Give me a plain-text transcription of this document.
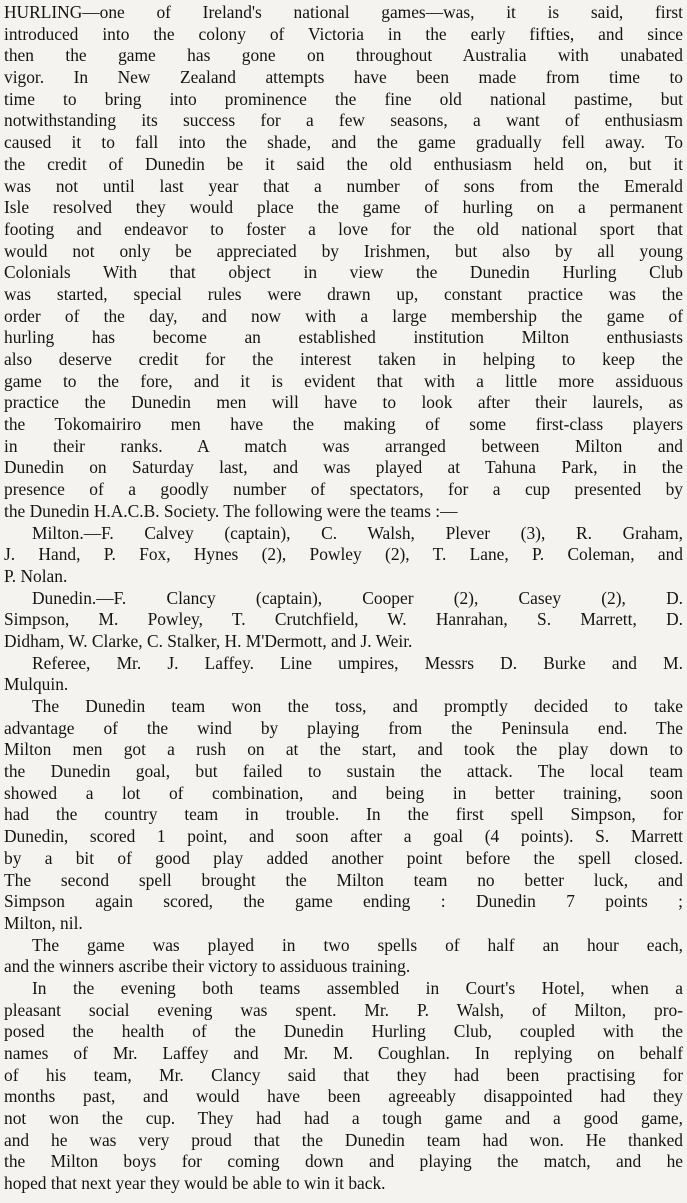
HURLING—one of Ireland's national games—was, it is said, first
introduced into the colony of Victoria in the early fifties, and since
then the game has gone on throughout Australia with unabated
vigor. In New Zealand attempts have been made from time to
time to bring into prominence the fine old national pastime, but
notwithstanding its success for a few seasons, a want of enthusiasm
caused it to fall into the shade, and the game gradually fell away. To
the credit of Dunedin be it said the old enthusiasm held on, but it
was not until last year that a number of sons from the Emerald
Isle resolved they would place the game of hurling on a permanent
footing and endeavor to foster a love for the old national sport that
would not only be appreciated by Irishmen, but also by all young
Colonials With that object in view the Dunedin Hurling Club
was started, special rules were drawn up, constant practice was the
order of the day, and now with a large membership the game of
hurling has become an established institution Milton enthusiasts
also deserve credit for the interest taken in helping to keep the
game to the fore, and it is evident that with a little more assiduous
practice the Dunedin men will have to look after their laurels, as
the Tokomairiro men have the making of some first-class players
in their ranks. A match was arranged between Milton and
Dunedin on Saturday last, and was played at Tahuna Park, in the
presence of a goodly number of spectators, for a cup presented by
the Dunedin H.A.C.B. Society. The following were the teams :—
Milton.—F. Calvey (captain), C. Walsh, Plever (3), R. Graham,
J. Hand, P. Fox, Hynes (2), Powley (2), T. Lane, P. Coleman, and
P. Nolan.
Dunedin.—F. Clancy (captain), Cooper (2), Casey (2), D.
Simpson, M. Powley, T. Crutchfield, W. Hanrahan, S. Marrett, D.
Didham, W. Clarke, C. Stalker, H. M'Dermott, and J. Weir.
Referee, Mr. J. Laffey. Line umpires, Messrs D. Burke and M.
Mulquin.
The Dunedin team won the toss, and promptly decided to take
advantage of the wind by playing from the Peninsula end. The
Milton men got a rush on at the start, and took the play down to
the Dunedin goal, but failed to sustain the attack. The local team
showed a lot of combination, and being in better training, soon
had the country team in trouble. In the first spell Simpson, for
Dunedin, scored 1 point, and soon after a goal (4 points). S. Marrett
by a bit of good play added another point before the spell closed.
The second spell brought the Milton team no better luck, and
Simpson again scored, the game ending : Dunedin 7 points ;
Milton, nil.
The game was played in two spells of half an hour each,
and the winners ascribe their victory to assiduous training.
In the evening both teams assembled in Court's Hotel, when a
pleasant social evening was spent. Mr. P. Walsh, of Milton, pro-
posed the health of the Dunedin Hurling Club, coupled with the
names of Mr. Laffey and Mr. M. Coughlan. In replying on behalf
of his team, Mr. Clancy said that they had been practising for
months past, and would have been agreeably disappointed had they
not won the cup. They had had a tough game and a good game,
and he was very proud that the Dunedin team had won. He thanked
the Milton boys for coming down and playing the match, and he
hoped that next year they would be able to win it back.
